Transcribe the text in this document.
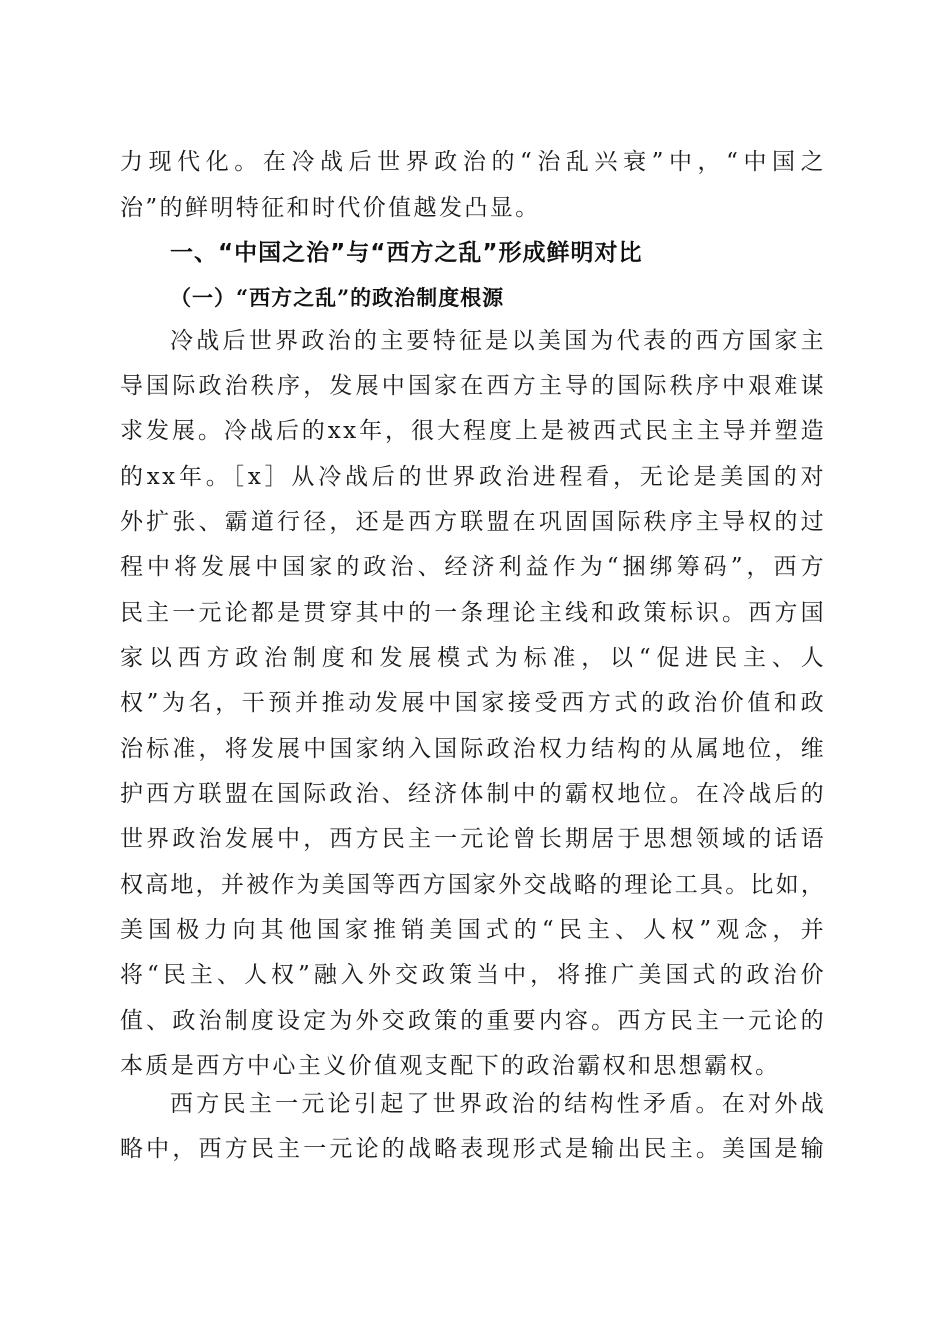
力现代化。在冷战后世界政治的“治乱兴衰”中，“中国之
治”的鲜明特征和时代价值越发凸显。
一、“中国之治”与“西方之乱”形成鲜明对比
（一）“西方之乱”的政治制度根源
冷战后世界政治的主要特征是以美国为代表的西方国家主
导国际政治秩序，发展中国家在西方主导的国际秩序中艰难谋
求发展。冷战后的xx年，很大程度上是被西式民主主导并塑造
的xx年。［x］从冷战后的世界政治进程看，无论是美国的对
外扩张、霸道行径，还是西方联盟在巩固国际秩序主导权的过
程中将发展中国家的政治、经济利益作为“捆绑筹码”，西方
民主一元论都是贯穿其中的一条理论主线和政策标识。西方国
家以西方政治制度和发展模式为标准，以“促进民主、人
权”为名，干预并推动发展中国家接受西方式的政治价值和政
治标准，将发展中国家纳入国际政治权力结构的从属地位，维
护西方联盟在国际政治、经济体制中的霸权地位。在冷战后的
世界政治发展中，西方民主一元论曾长期居于思想领域的话语
权高地，并被作为美国等西方国家外交战略的理论工具。比如，
美国极力向其他国家推销美国式的“民主、人权”观念，并
将“民主、人权”融入外交政策当中，将推广美国式的政治价
值、政治制度设定为外交政策的重要内容。西方民主一元论的
本质是西方中心主义价值观支配下的政治霸权和思想霸权。
西方民主一元论引起了世界政治的结构性矛盾。在对外战
略中，西方民主一元论的战略表现形式是输出民主。美国是输
